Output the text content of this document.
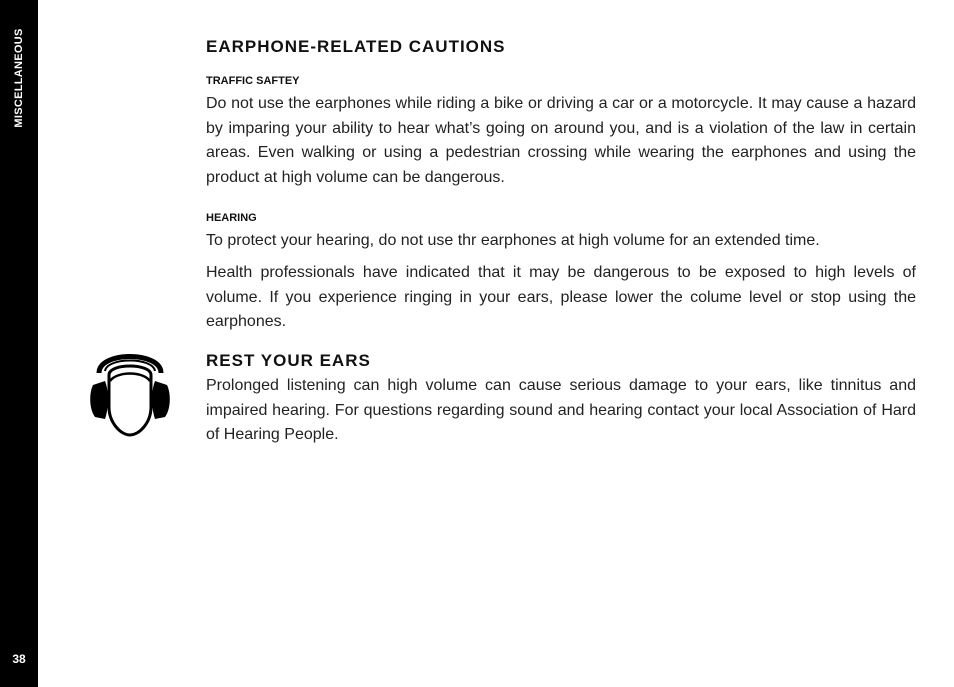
MISCELLANEOUS
38
EARPHONE-RELATED CAUTIONS
TRAFFIC SAFTEY

Do not use the earphones while riding a bike or driving a car or a motorcycle. It may cause a hazard by imparing your ability to hear what’s going on around you, and is a violation of the law in certain areas. Even walking or using a pedestrian crossing while wearing the earphones and using the product at high volume can be dangerous.

HEARING

To protect your hearing, do not use thr earphones at high volume for an extended time.

Health professionals have indicated that it may be dangerous to be exposed to high levels of volume. If you experience ringing in your ears, please lower the colume level or stop using the earphones.

REST YOUR EARS

Prolonged listening can high volume can cause serious damage to your ears, like tinnitus and impaired hearing. For questions regarding sound and hearing contact your local Association of Hard of Hearing People.
